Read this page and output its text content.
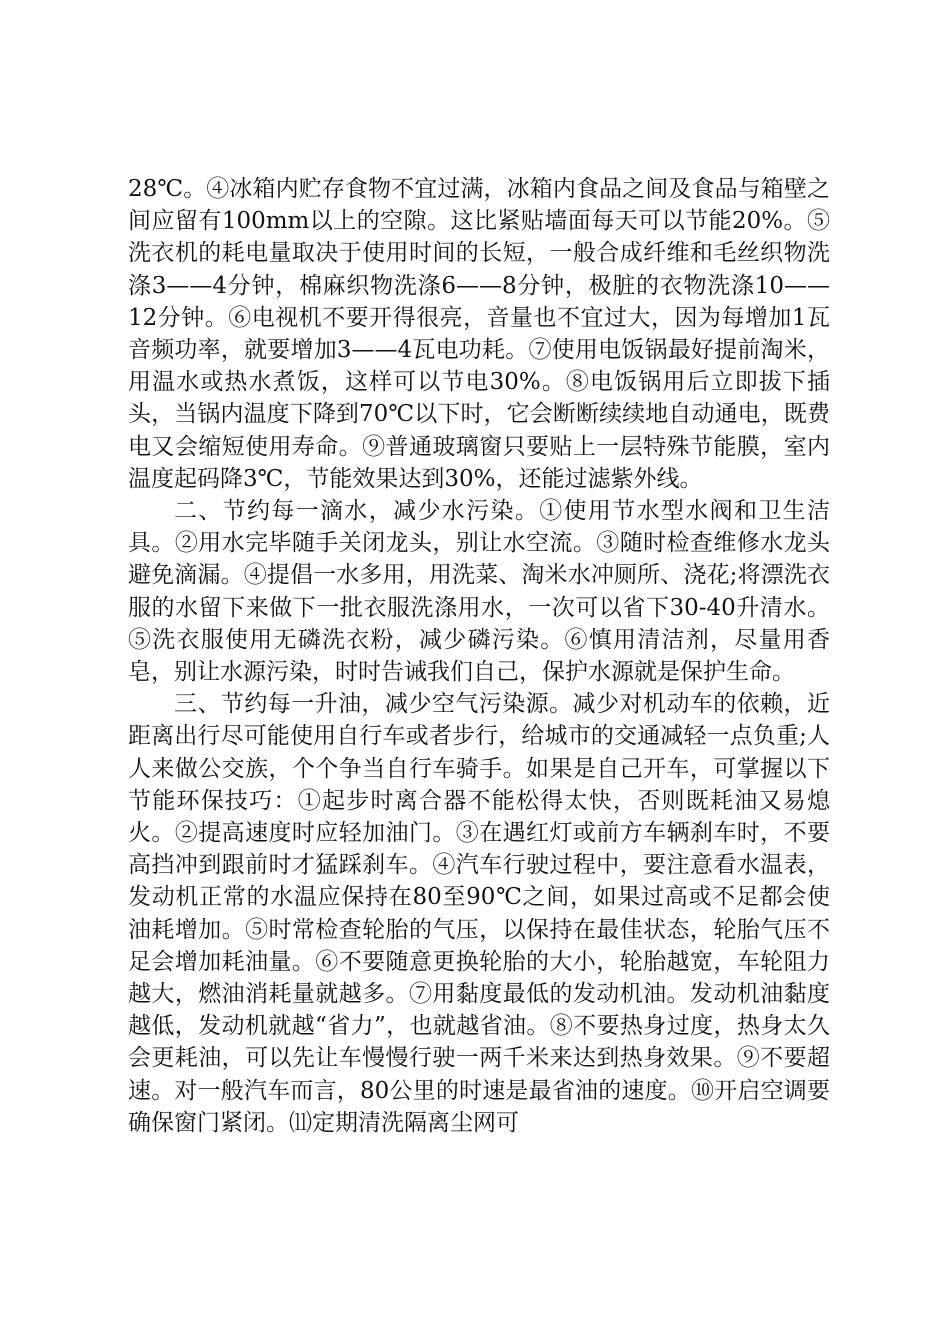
28℃。④冰箱内贮存食物不宜过满，冰箱内食品之间及食品与箱壁之间应留有100mm以上的空隙。这比紧贴墙面每天可以节能20%。⑤洗衣机的耗电量取决于使用时间的长短，一般合成纤维和毛丝织物洗涤3——4分钟，棉麻织物洗涤6——8分钟，极脏的衣物洗涤10——12分钟。⑥电视机不要开得很亮，音量也不宜过大，因为每增加1瓦音频功率，就要增加3——4瓦电功耗。⑦使用电饭锅最好提前淘米，用温水或热水煮饭，这样可以节电30%。⑧电饭锅用后立即拔下插头，当锅内温度下降到70℃以下时，它会断断续续地自动通电，既费电又会缩短使用寿命。⑨普通玻璃窗只要贴上一层特殊节能膜，室内温度起码降3℃，节能效果达到30%，还能过滤紫外线。

二、节约每一滴水，减少水污染。①使用节水型水阀和卫生洁具。②用水完毕随手关闭龙头，别让水空流。③随时检查维修水龙头避免滴漏。④提倡一水多用，用洗菜、淘米水冲厕所、浇花;将漂洗衣服的水留下来做下一批衣服洗涤用水，一次可以省下30-40升清水。⑤洗衣服使用无磷洗衣粉，减少磷污染。⑥慎用清洁剂，尽量用香皂，别让水源污染，时时告诫我们自己，保护水源就是保护生命。

三、节约每一升油，减少空气污染源。减少对机动车的依赖，近距离出行尽可能使用自行车或者步行，给城市的交通减轻一点负重;人人来做公交族，个个争当自行车骑手。如果是自己开车，可掌握以下节能环保技巧：①起步时离合器不能松得太快，否则既耗油又易熄火。②提高速度时应轻加油门。③在遇红灯或前方车辆刹车时，不要高挡冲到跟前时才猛踩刹车。④汽车行驶过程中，要注意看水温表，发动机正常的水温应保持在80至90℃之间，如果过高或不足都会使油耗增加。⑤时常检查轮胎的气压，以保持在最佳状态，轮胎气压不足会增加耗油量。⑥不要随意更换轮胎的大小，轮胎越宽，车轮阻力越大，燃油消耗量就越多。⑦用黏度最低的发动机油。发动机油黏度越低，发动机就越“省力”，也就越省油。⑧不要热身过度，热身太久会更耗油，可以先让车慢慢行驶一两千米来达到热身效果。⑨不要超速。对一般汽车而言，80公里的时速是最省油的速度。⑩开启空调要确保窗门紧闭。⑾定期清洗隔离尘网可
